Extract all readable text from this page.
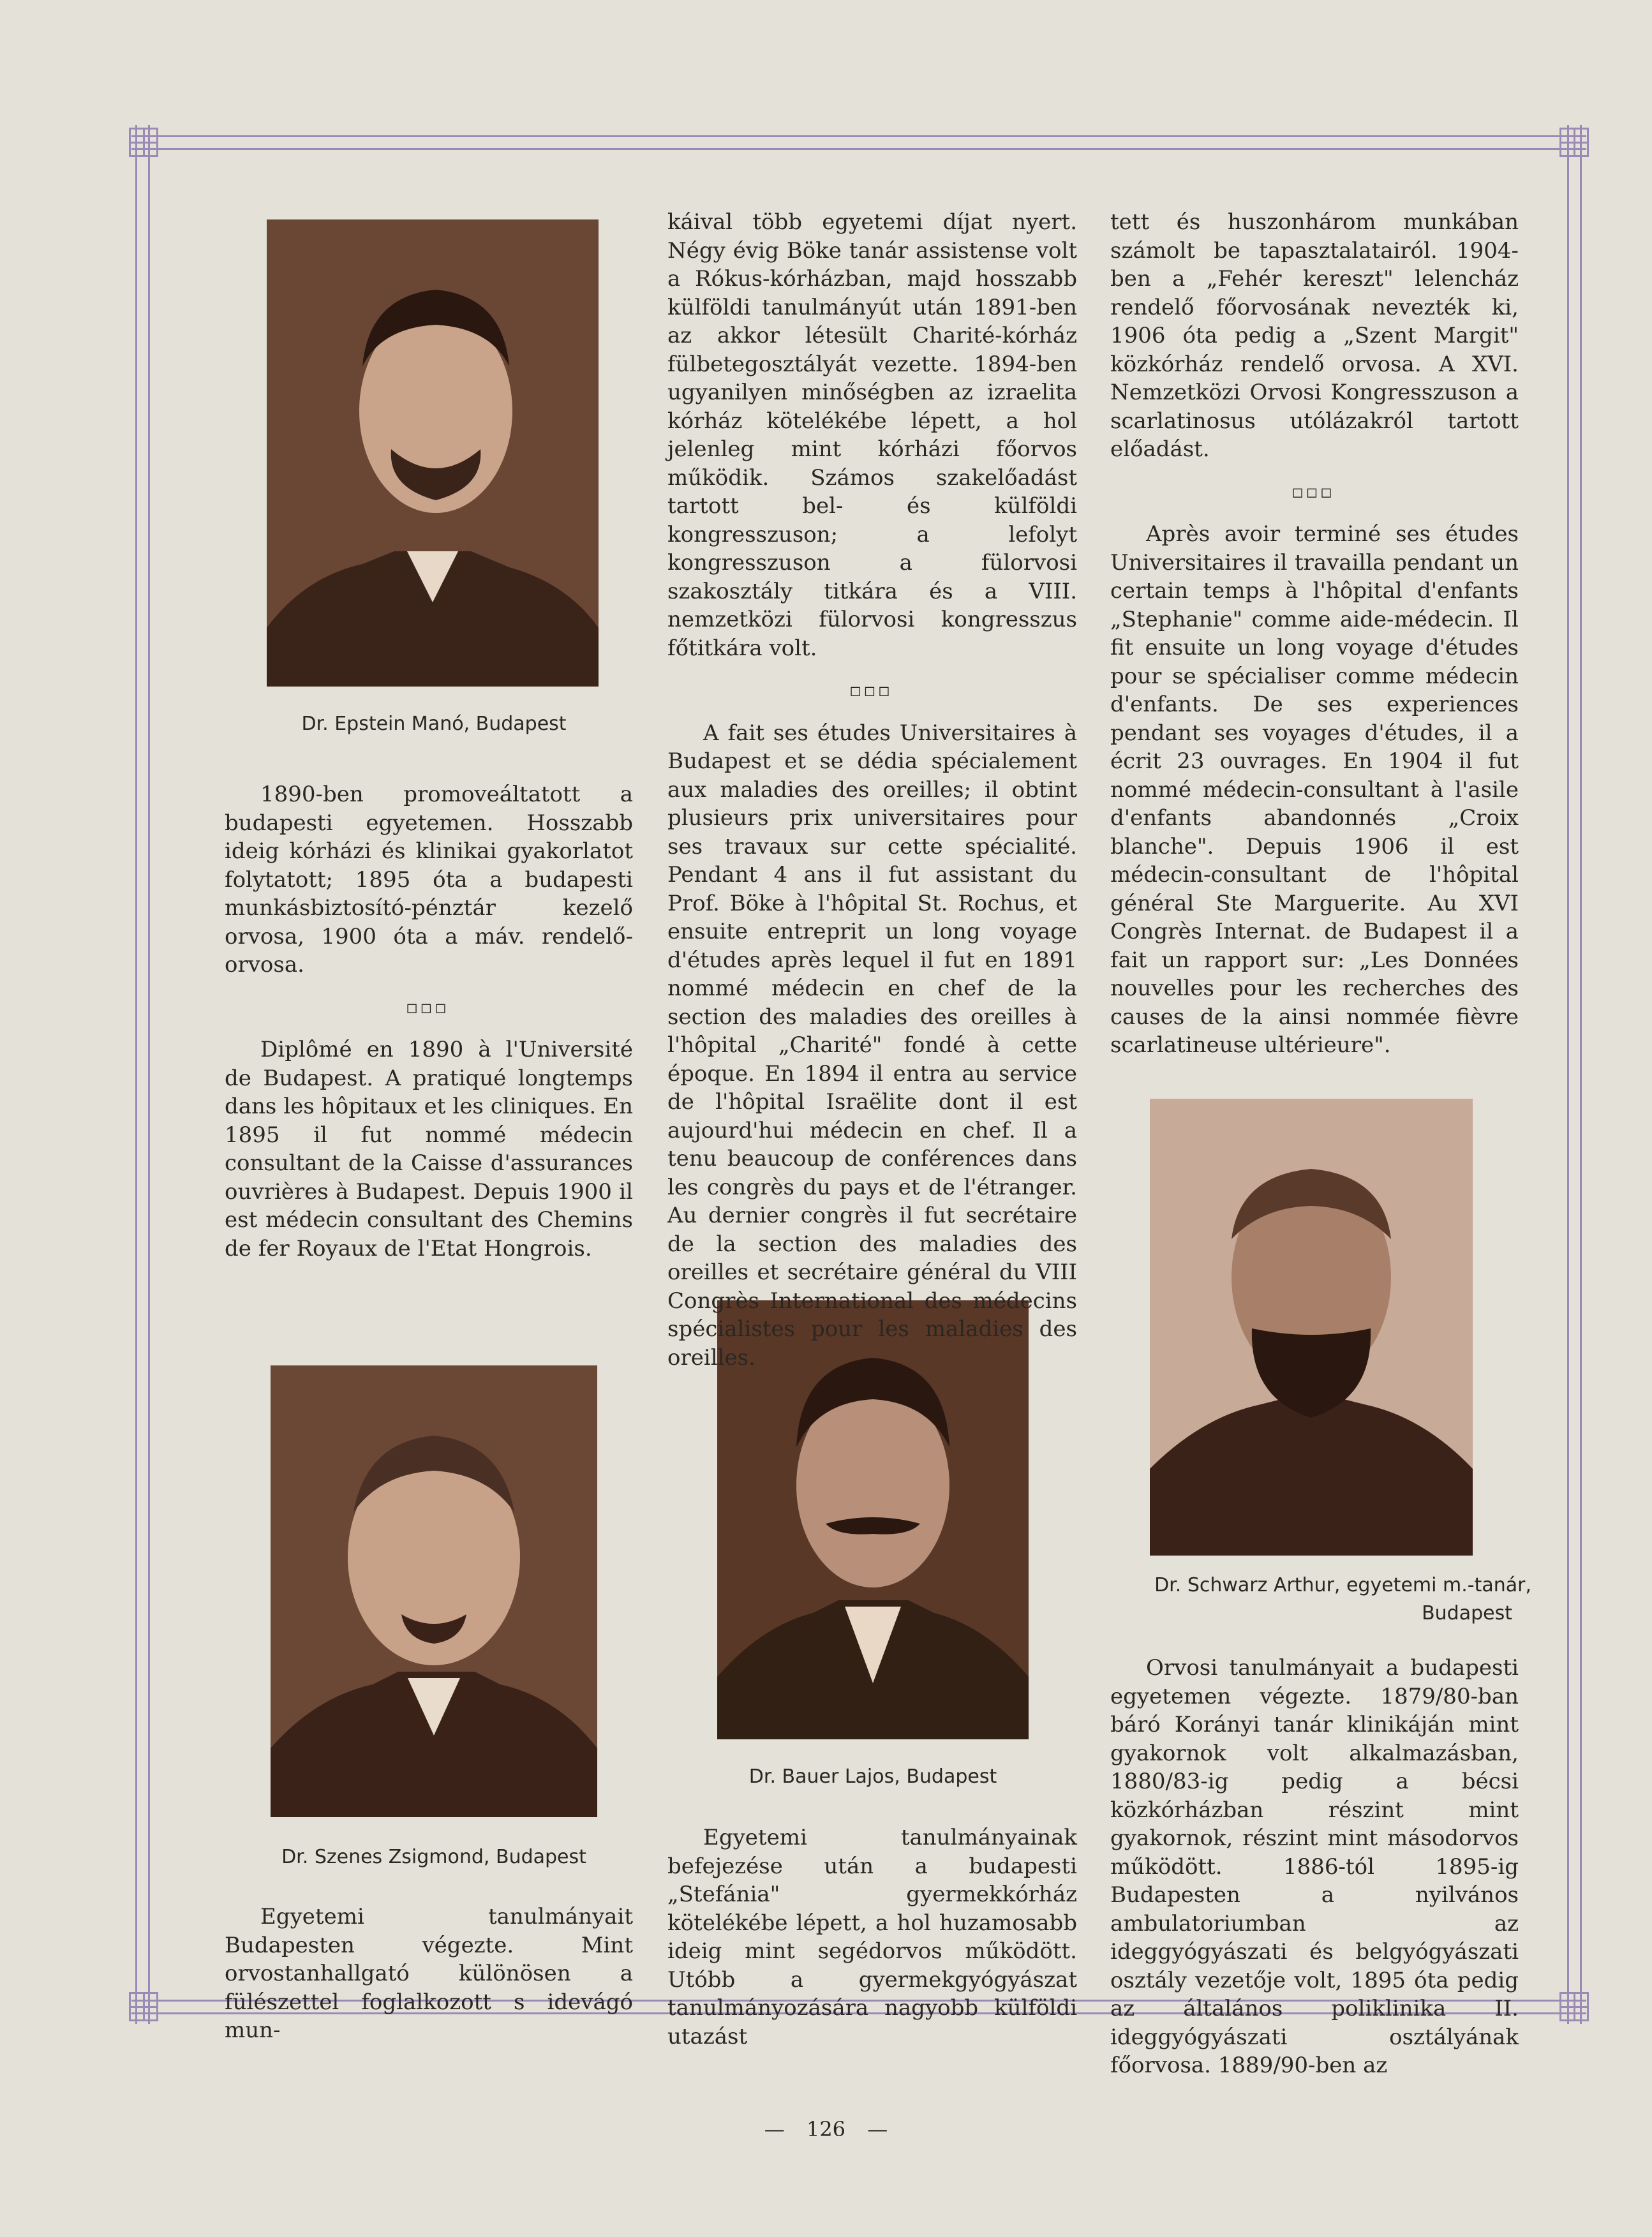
Dr. Epstein Manó, Budapest
Dr. Szenes Zsigmond, Budapest
Dr. Bauer Lajos, Budapest
Dr. Schwarz Arthur, egyetemi m.-tanár,
Budapest

1890-ben promoveáltatott a budapesti egyetemen. Hosszabb ideig kórházi és klinikai gyakorlatot folytatott; 1895 óta a budapesti munkásbiztosító-pénztár kezelő orvosa, 1900 óta a máv. rendelő-orvosa.

□□□

Diplômé en 1890 à l'Université de Budapest. A pratiqué longtemps dans les hôpitaux et les cliniques. En 1895 il fut nommé médecin consultant de la Caisse d'assurances ouvrières à Budapest. Depuis 1900 il est médecin consultant des Chemins de fer Royaux de l'Etat Hongrois.

Egyetemi tanulmányait Budapesten végezte. Mint orvostanhallgató különösen a fülészettel foglalkozott s idevágó mun-

káival több egyetemi díjat nyert. Négy évig Böke tanár assistense volt a Rókus-kórházban, majd hosszabb külföldi tanulmányút után 1891-ben az akkor létesült Charité-kórház fülbetegosztályát vezette. 1894-ben ugyanilyen minőségben az izraelita kórház kötelékébe lépett, a hol jelenleg mint kórházi főorvos működik. Számos szakelőadást tartott bel- és külföldi kongresszuson; a lefolyt kongresszuson a fülorvosi szakosztály titkára és a VIII. nemzetközi fülorvosi kongresszus főtitkára volt.

□□□

A fait ses études Universitaires à Budapest et se dédia spécialement aux maladies des oreilles; il obtint plusieurs prix universitaires pour ses travaux sur cette spécialité. Pendant 4 ans il fut assistant du Prof. Böke à l'hôpital St. Rochus, et ensuite entreprit un long voyage d'études après lequel il fut en 1891 nommé médecin en chef de la section des maladies des oreilles à l'hôpital „Charité" fondé à cette époque. En 1894 il entra au service de l'hôpital Israëlite dont il est aujourd'hui médecin en chef. Il a tenu beaucoup de conférences dans les congrès du pays et de l'étranger. Au dernier congrès il fut secrétaire de la section des maladies des oreilles et secrétaire général du VIII Congrès International des médecins spécialistes pour les maladies des oreilles.

Egyetemi tanulmányainak befejezése után a budapesti „Stefánia" gyermekkórház kötelékébe lépett, a hol huzamosabb ideig mint segédorvos működött. Utóbb a gyermekgyógyászat tanulmányozására nagyobb külföldi utazást

tett és huszonhárom munkában számolt be tapasztalatairól. 1904-ben a „Fehér kereszt" lelencház rendelő főorvosának nevezték ki, 1906 óta pedig a „Szent Margit" közkórház rendelő orvosa. A XVI. Nemzetközi Orvosi Kongresszuson a scarlatinosus utólázakról tartott előadást.

□□□

Après avoir terminé ses études Universitaires il travailla pendant un certain temps à l'hôpital d'enfants „Stephanie" comme aide-médecin. Il fit ensuite un long voyage d'études pour se spécialiser comme médecin d'enfants. De ses experiences pendant ses voyages d'études, il a écrit 23 ouvrages. En 1904 il fut nommé médecin-consultant à l'asile d'enfants abandonnés „Croix blanche". Depuis 1906 il est médecin-consultant de l'hôpital général Ste Marguerite. Au XVI Congrès Internat. de Budapest il a fait un rapport sur: „Les Données nouvelles pour les recherches des causes de la ainsi nommée fièvre scarlatineuse ultérieure".

Orvosi tanulmányait a budapesti egyetemen végezte. 1879/80-ban báró Korányi tanár klinikáján mint gyakornok volt alkalmazásban, 1880/83-ig pedig a bécsi közkórházban részint mint gyakornok, részint mint másodorvos működött. 1886-tól 1895-ig Budapesten a nyilvános ambulatoriumban az ideggyógyászati és belgyógyászati osztály vezetője volt, 1895 óta pedig az általános poliklinika II. ideggyógyászati osztályának főorvosa. 1889/90-ben az

— 126 —
